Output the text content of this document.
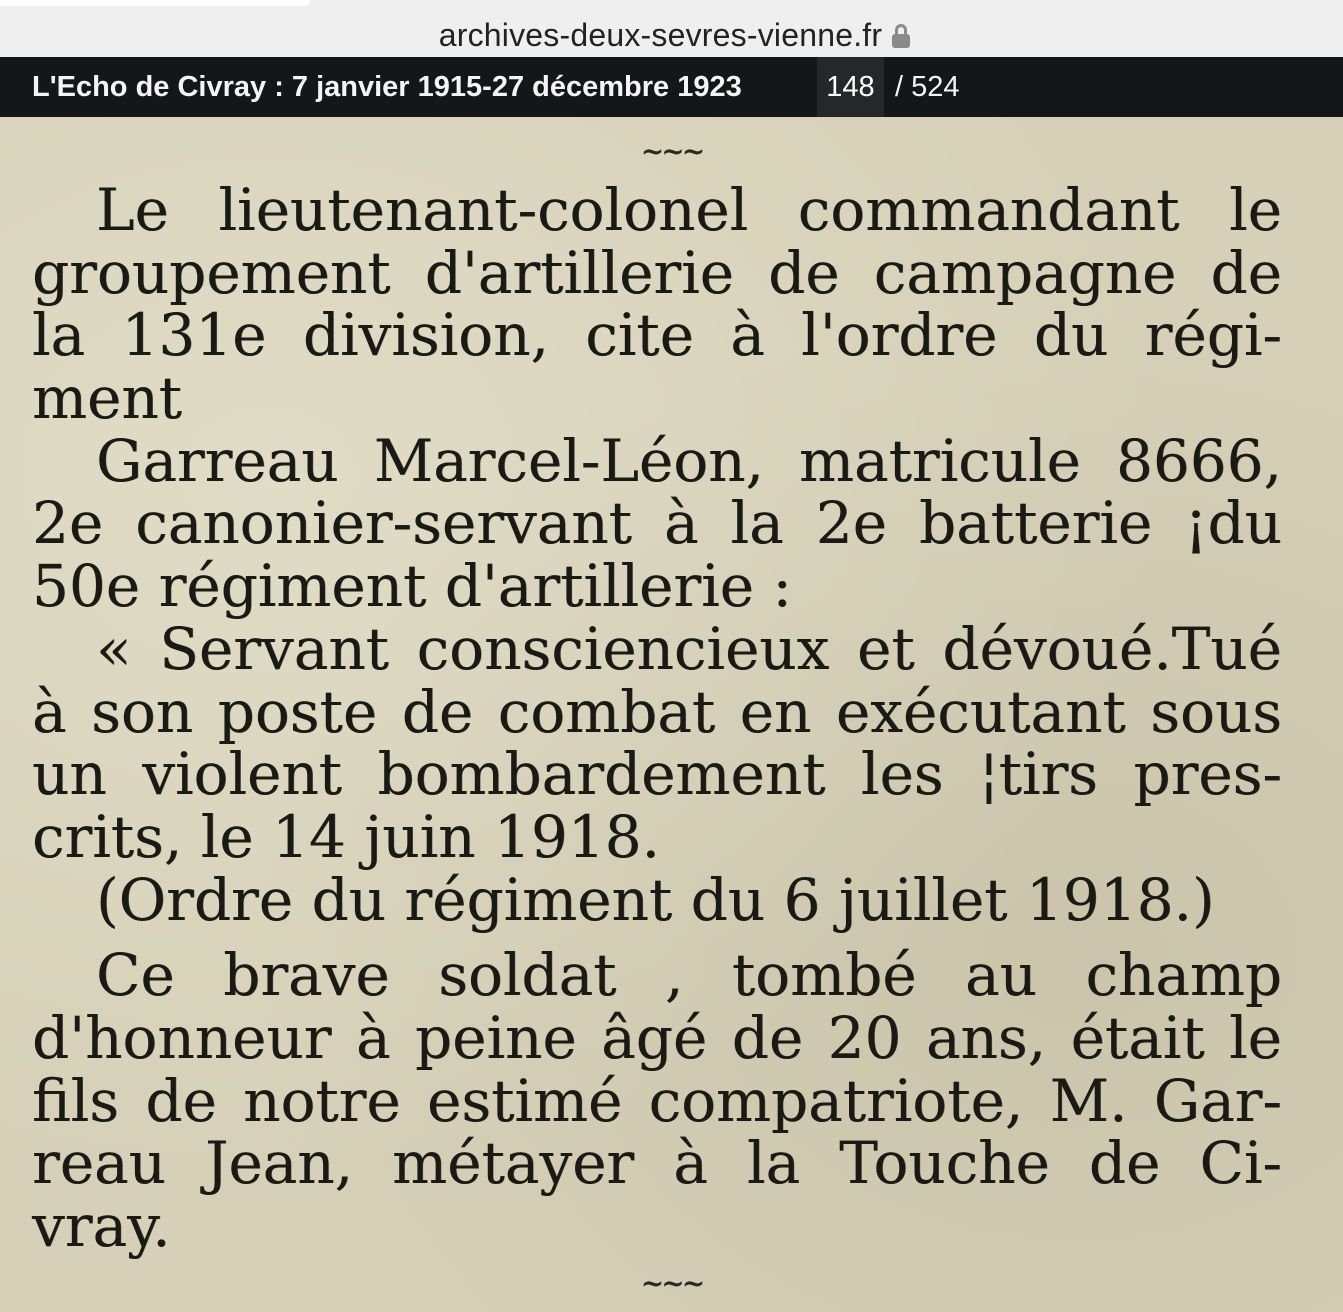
archives-deux-sevres-vienne.fr
L'Echo de Civray : 7 janvier 1915-27 décembre 1923
148	/ 524

~~~
Le lieutenant-colonel commandant le
groupement d'artillerie de campagne de
la 131e division, cite à l'ordre du régi-
ment
Garreau Marcel-Léon, matricule 8666,
2e canonier-servant à la 2e batterie ¡du
50e régiment d'artillerie :
« Servant consciencieux et dévoué.Tué
à son poste de combat en exécutant sous
un violent bombardement les ¦tirs pres-
crits, le 14 juin 1918.
(Ordre du régiment du 6 juillet 1918.)
Ce brave soldat , tombé au champ
d'honneur à peine âgé de 20 ans, était le
fils de notre estimé compatriote, M. Gar-
reau Jean, métayer à la Touche de Ci-
vray.
~~~
